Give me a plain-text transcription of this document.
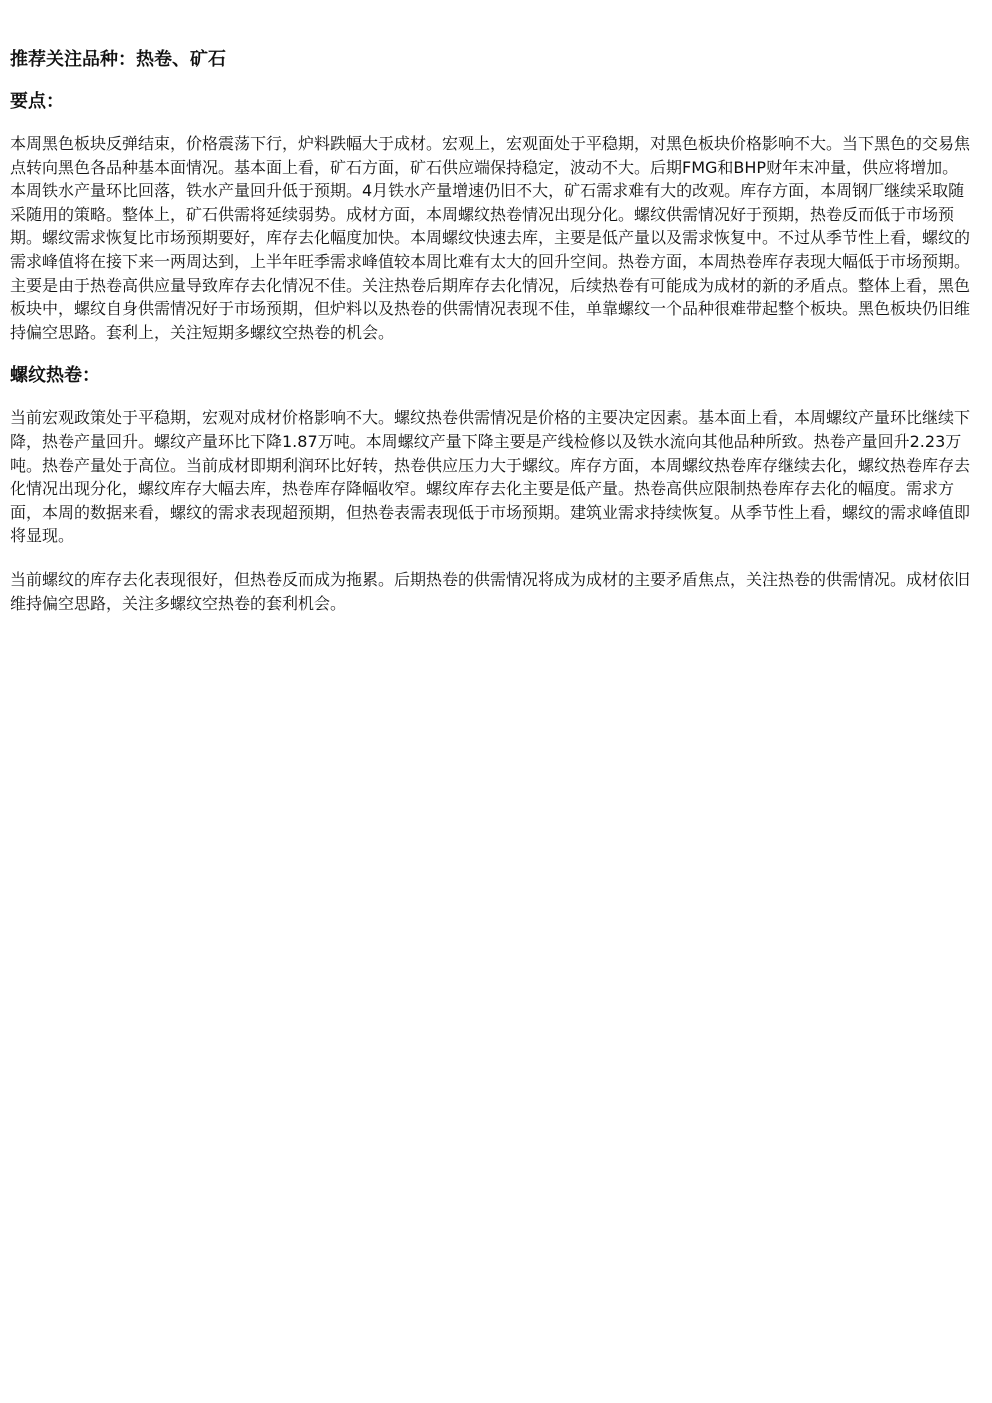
推荐关注品种：热卷、矿石
要点：
本周黑色板块反弹结束，价格震荡下行，炉料跌幅大于成材。宏观上，宏观面处于平稳期，对黑色板块价格影响不大。当下黑色的交易焦点转向黑色各品种基本面情况。基本面上看，矿石方面，矿石供应端保持稳定，波动不大。后期FMG和BHP财年末冲量，供应将增加。本周铁水产量环比回落，铁水产量回升低于预期。4月铁水产量增速仍旧不大，矿石需求难有大的改观。库存方面，本周钢厂继续采取随采随用的策略。整体上，矿石供需将延续弱势。成材方面，本周螺纹热卷情况出现分化。螺纹供需情况好于预期，热卷反而低于市场预期。螺纹需求恢复比市场预期要好，库存去化幅度加快。本周螺纹快速去库，主要是低产量以及需求恢复中。不过从季节性上看，螺纹的需求峰值将在接下来一两周达到，上半年旺季需求峰值较本周比难有太大的回升空间。热卷方面，本周热卷库存表现大幅低于市场预期。主要是由于热卷高供应量导致库存去化情况不佳。关注热卷后期库存去化情况，后续热卷有可能成为成材的新的矛盾点。整体上看，黑色板块中，螺纹自身供需情况好于市场预期，但炉料以及热卷的供需情况表现不佳，单靠螺纹一个品种很难带起整个板块。黑色板块仍旧维持偏空思路。套利上，关注短期多螺纹空热卷的机会。
螺纹热卷：
当前宏观政策处于平稳期，宏观对成材价格影响不大。螺纹热卷供需情况是价格的主要决定因素。基本面上看，本周螺纹产量环比继续下降，热卷产量回升。螺纹产量环比下降1.87万吨。本周螺纹产量下降主要是产线检修以及铁水流向其他品种所致。热卷产量回升2.23万吨。热卷产量处于高位。当前成材即期利润环比好转，热卷供应压力大于螺纹。库存方面，本周螺纹热卷库存继续去化，螺纹热卷库存去化情况出现分化，螺纹库存大幅去库，热卷库存降幅收窄。螺纹库存去化主要是低产量。热卷高供应限制热卷库存去化的幅度。需求方面，本周的数据来看，螺纹的需求表现超预期，但热卷表需表现低于市场预期。建筑业需求持续恢复。从季节性上看，螺纹的需求峰值即将显现。
当前螺纹的库存去化表现很好，但热卷反而成为拖累。后期热卷的供需情况将成为成材的主要矛盾焦点，关注热卷的供需情况。成材依旧维持偏空思路，关注多螺纹空热卷的套利机会。
